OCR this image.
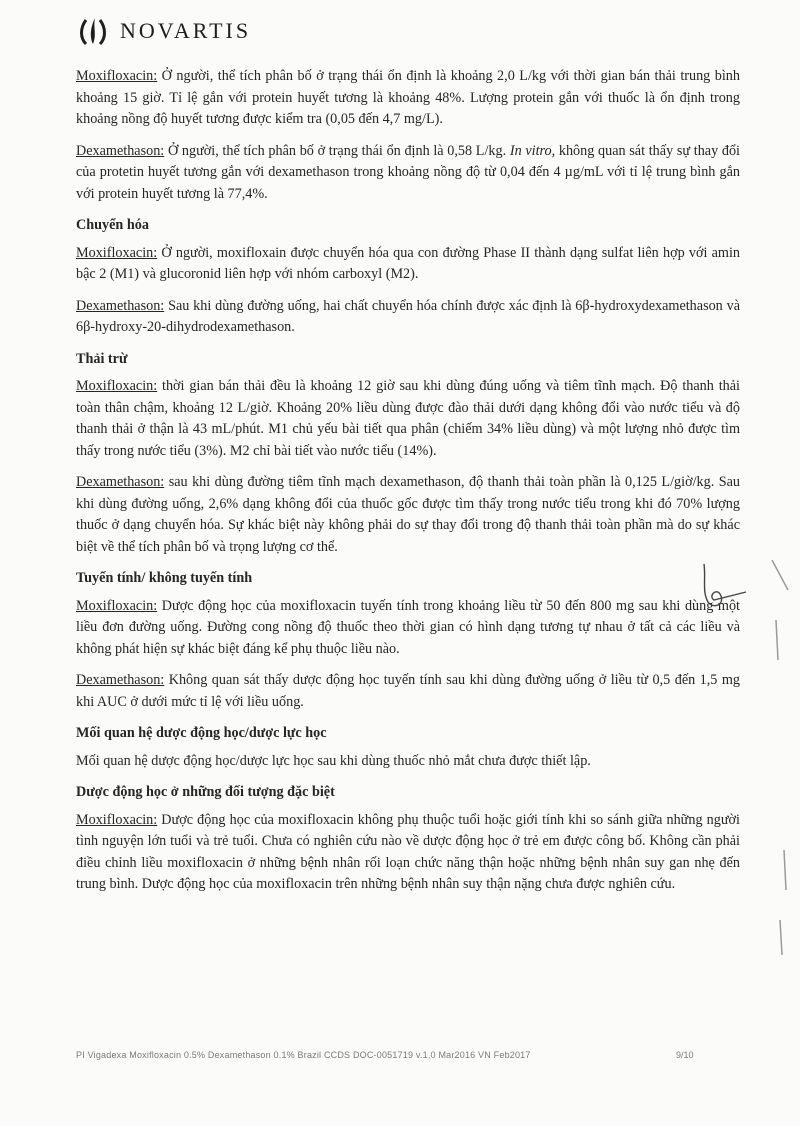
NOVARTIS

Moxifloxacin: Ở người, thể tích phân bố ở trạng thái ổn định là khoảng 2,0 L/kg với thời gian bán thải trung bình khoảng 15 giờ. Tỉ lệ gắn với protein huyết tương là khoảng 48%. Lượng protein gắn với thuốc là ổn định trong khoảng nồng độ huyết tương được kiểm tra (0,05 đến 4,7 mg/L).

Dexamethason: Ở người, thể tích phân bố ở trạng thái ổn định là 0,58 L/kg. In vitro, không quan sát thấy sự thay đổi của protetin huyết tương gắn với dexamethason trong khoảng nồng độ từ 0,04 đến 4 µg/mL với tỉ lệ trung bình gắn với protein huyết tương là 77,4%.

Chuyển hóa

Moxifloxacin: Ở người, moxifloxain được chuyển hóa qua con đường Phase II thành dạng sulfat liên hợp với amin bậc 2 (M1) và glucoronid liên hợp với nhóm carboxyl (M2).

Dexamethason: Sau khi dùng đường uống, hai chất chuyển hóa chính được xác định là 6β-hydroxydexamethason và 6β-hydroxy-20-dihydrodexamethason.

Thải trừ

Moxifloxacin: thời gian bán thải đều là khoảng 12 giờ sau khi dùng đúng uống và tiêm tĩnh mạch. Độ thanh thải toàn thân chậm, khoảng 12 L/giờ. Khoảng 20% liều dùng được đào thải dưới dạng không đổi vào nước tiểu và độ thanh thải ở thận là 43 mL/phút. M1 chủ yếu bài tiết qua phân (chiếm 34% liều dùng) và một lượng nhỏ được tìm thấy trong nước tiểu (3%). M2 chỉ bài tiết vào nước tiểu (14%).

Dexamethason: sau khi dùng đường tiêm tĩnh mạch dexamethason, độ thanh thải toàn phần là 0,125 L/giờ/kg. Sau khi dùng đường uống, 2,6% dạng không đổi của thuốc gốc được tìm thấy trong nước tiểu trong khi đó 70% lượng thuốc ở dạng chuyển hóa. Sự khác biệt này không phải do sự thay đổi trong độ thanh thải toàn phần mà do sự khác biệt về thể tích phân bố và trọng lượng cơ thể.

Tuyến tính/ không tuyến tính

Moxifloxacin: Dược động học của moxifloxacin tuyến tính trong khoảng liều từ 50 đến 800 mg sau khi dùng một liều đơn đường uống. Đường cong nồng độ thuốc theo thời gian có hình dạng tương tự nhau ở tất cả các liều và không phát hiện sự khác biệt đáng kể phụ thuộc liều nào.

Dexamethason: Không quan sát thấy dược động học tuyến tính sau khi dùng đường uống ở liều từ 0,5 đến 1,5 mg khi AUC ở dưới mức tỉ lệ với liều uống.

Mối quan hệ dược động học/dược lực học

Mối quan hệ dược động học/dược lực học sau khi dùng thuốc nhỏ mắt chưa được thiết lập.

Dược động học ở những đối tượng đặc biệt

Moxifloxacin: Dược động học của moxifloxacin không phụ thuộc tuổi hoặc giới tính khi so sánh giữa những người tình nguyện lớn tuổi và trẻ tuổi. Chưa có nghiên cứu nào về dược động học ở trẻ em được công bố. Không cần phải điều chỉnh liều moxifloxacin ở những bệnh nhân rối loạn chức năng thận hoặc những bệnh nhân suy gan nhẹ đến trung bình. Dược động học của moxifloxacin trên những bệnh nhân suy thận nặng chưa được nghiên cứu.

PI Vigadexa Moxifloxacin 0.5% Dexamethason 0.1% Brazil CCDS DOC-0051719 v.1.0 Mar2016 VN Feb2017	9/10
